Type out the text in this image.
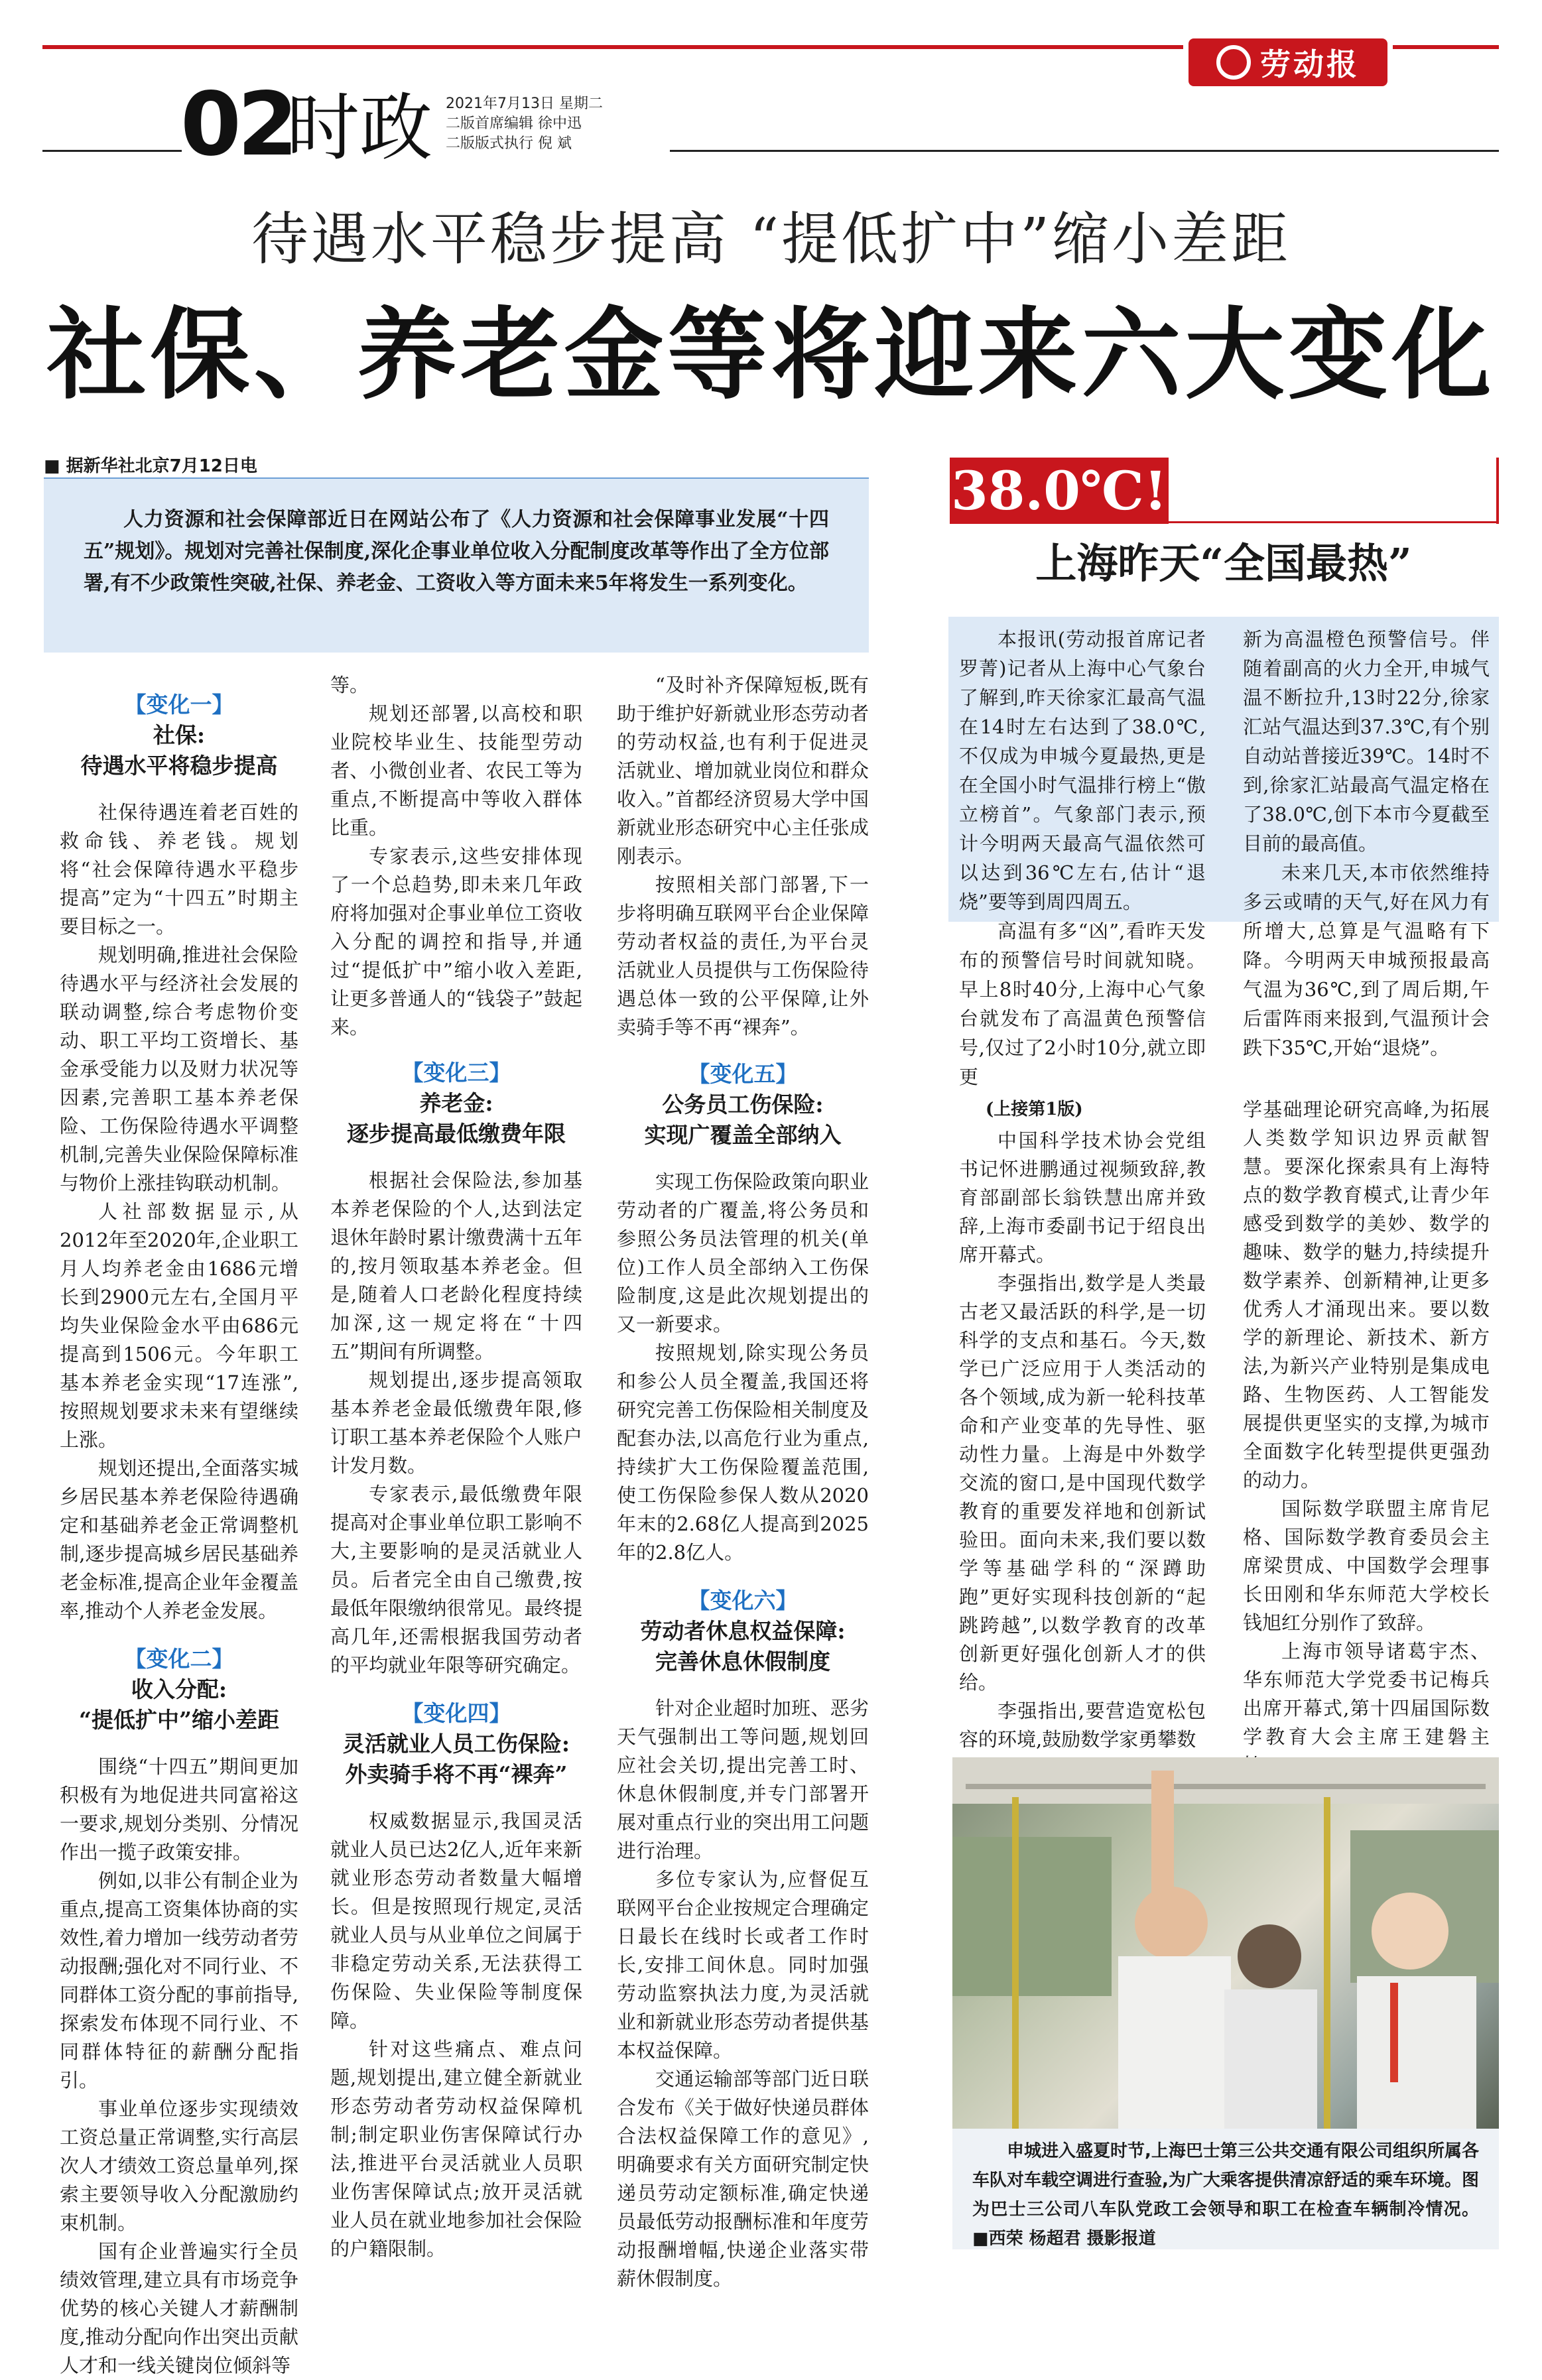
劳动报
02
时政 2021年7月13日 星期二
二版首席编辑 徐中迅
二版版式执行 倪 斌
待遇水平稳步提高 “提低扩中”缩小差距
社保、养老金等将迎来六大变化
■ 据新华社北京7月12日电
人力资源和社会保障部近日在网站公布了《人力资源和社会保障事业发展“十四五”规划》。规划对完善社保制度,深化企事业单位收入分配制度改革等作出了全方位部署,有不少政策性突破,社保、养老金、工资收入等方面未来5年将发生一系列变化。
【变化一】
社保:
待遇水平将稳步提高

社保待遇连着老百姓的救命钱、养老钱。规划将“社会保障待遇水平稳步提高”定为“十四五”时期主要目标之一。

规划明确,推进社会保险待遇水平与经济社会发展的联动调整,综合考虑物价变动、职工平均工资增长、基金承受能力以及财力状况等因素,完善职工基本养老保险、工伤保险待遇水平调整机制,完善失业保险保障标准与物价上涨挂钩联动机制。

人社部数据显示,从2012年至2020年,企业职工月人均养老金由1686元增长到2900元左右,全国月平均失业保险金水平由686元提高到1506元。今年职工基本养老金实现“17连涨”,按照规划要求未来有望继续上涨。

规划还提出,全面落实城乡居民基本养老保险待遇确定和基础养老金正常调整机制,逐步提高城乡居民基础养老金标准,提高企业年金覆盖率,推动个人养老金发展。

【变化二】
收入分配:
“提低扩中”缩小差距

围绕“十四五”期间更加积极有为地促进共同富裕这一要求,规划分类别、分情况作出一揽子政策安排。

例如,以非公有制企业为重点,提高工资集体协商的实效性,着力增加一线劳动者劳动报酬;强化对不同行业、不同群体工资分配的事前指导,探索发布体现不同行业、不同群体特征的薪酬分配指引。

事业单位逐步实现绩效工资总量正常调整,实行高层次人才绩效工资总量单列,探索主要领导收入分配激励约束机制。

国有企业普遍实行全员绩效管理,建立具有市场竞争优势的核心关键人才薪酬制度,推动分配向作出突出贡献人才和一线关键岗位倾斜等

等。

规划还部署,以高校和职业院校毕业生、技能型劳动者、小微创业者、农民工等为重点,不断提高中等收入群体比重。

专家表示,这些安排体现了一个总趋势,即未来几年政府将加强对企事业单位工资收入分配的调控和指导,并通过“提低扩中”缩小收入差距,让更多普通人的“钱袋子”鼓起来。

【变化三】
养老金:
逐步提高最低缴费年限

根据社会保险法,参加基本养老保险的个人,达到法定退休年龄时累计缴费满十五年的,按月领取基本养老金。但是,随着人口老龄化程度持续加深,这一规定将在“十四五”期间有所调整。

规划提出,逐步提高领取基本养老金最低缴费年限,修订职工基本养老保险个人账户计发月数。

专家表示,最低缴费年限提高对企事业单位职工影响不大,主要影响的是灵活就业人员。后者完全由自己缴费,按最低年限缴纳很常见。最终提高几年,还需根据我国劳动者的平均就业年限等研究确定。

【变化四】
灵活就业人员工伤保险:
外卖骑手将不再“裸奔”

权威数据显示,我国灵活就业人员已达2亿人,近年来新就业形态劳动者数量大幅增长。但是按照现行规定,灵活就业人员与从业单位之间属于非稳定劳动关系,无法获得工伤保险、失业保险等制度保障。

针对这些痛点、难点问题,规划提出,建立健全新就业形态劳动者劳动权益保障机制;制定职业伤害保障试行办法,推进平台灵活就业人员职业伤害保障试点;放开灵活就业人员在就业地参加社会保险的户籍限制。

“及时补齐保障短板,既有助于维护好新就业形态劳动者的劳动权益,也有利于促进灵活就业、增加就业岗位和群众收入。”首都经济贸易大学中国新就业形态研究中心主任张成刚表示。

按照相关部门部署,下一步将明确互联网平台企业保障劳动者权益的责任,为平台灵活就业人员提供与工伤保险待遇总体一致的公平保障,让外卖骑手等不再“裸奔”。

【变化五】
公务员工伤保险:
实现广覆盖全部纳入

实现工伤保险政策向职业劳动者的广覆盖,将公务员和参照公务员法管理的机关(单位)工作人员全部纳入工伤保险制度,这是此次规划提出的又一新要求。

按照规划,除实现公务员和参公人员全覆盖,我国还将研究完善工伤保险相关制度及配套办法,以高危行业为重点,持续扩大工伤保险覆盖范围,使工伤保险参保人数从2020年末的2.68亿人提高到2025年的2.8亿人。

【变化六】
劳动者休息权益保障:
完善休息休假制度

针对企业超时加班、恶劣天气强制出工等问题,规划回应社会关切,提出完善工时、休息休假制度,并专门部署开展对重点行业的突出用工问题进行治理。

多位专家认为,应督促互联网平台企业按规定合理确定日最长在线时长或者工作时长,安排工间休息。同时加强劳动监察执法力度,为灵活就业和新就业形态劳动者提供基本权益保障。

交通运输部等部门近日联合发布《关于做好快递员群体合法权益保障工作的意见》,明确要求有关方面研究制定快递员劳动定额标准,确定快递员最低劳动报酬标准和年度劳动报酬增幅,快递企业落实带薪休假制度。

38.0℃!
上海昨天“全国最热”

本报讯(劳动报首席记者 罗菁)记者从上海中心气象台了解到,昨天徐家汇最高气温在14时左右达到了38.0℃,不仅成为申城今夏最热,更是在全国小时气温排行榜上“傲立榜首”。气象部门表示,预计今明两天最高气温依然可以达到36℃左右,估计“退烧”要等到周四周五。

高温有多“凶”,看昨天发布的预警信号时间就知晓。早上8时40分,上海中心气象台就发布了高温黄色预警信号,仅过了2小时10分,就立即更

新为高温橙色预警信号。伴随着副高的火力全开,申城气温不断拉升,13时22分,徐家汇站气温达到37.3℃,有个别自动站普接近39℃。14时不到,徐家汇站最高气温定格在了38.0℃,创下本市今夏截至目前的最高值。

未来几天,本市依然维持多云或晴的天气,好在风力有所增大,总算是气温略有下降。今明两天申城预报最高气温为36℃,到了周后期,午后雷阵雨来报到,气温预计会跌下35℃,开始“退烧”。

(上接第1版)

中国科学技术协会党组书记怀进鹏通过视频致辞,教育部副部长翁铁慧出席并致辞,上海市委副书记于绍良出席开幕式。

李强指出,数学是人类最古老又最活跃的科学,是一切科学的支点和基石。今天,数学已广泛应用于人类活动的各个领域,成为新一轮科技革命和产业变革的先导性、驱动性力量。上海是中外数学交流的窗口,是中国现代数学教育的重要发祥地和创新试验田。面向未来,我们要以数学等基础学科的“深蹲助跑”更好实现科技创新的“起跳跨越”,以数学教育的改革创新更好强化创新人才的供给。

李强指出,要营造宽松包容的环境,鼓励数学家勇攀数

学基础理论研究高峰,为拓展人类数学知识边界贡献智慧。要深化探索具有上海特点的数学教育模式,让青少年感受到数学的美妙、数学的趣味、数学的魅力,持续提升数学素养、创新精神,让更多优秀人才涌现出来。要以数学的新理论、新技术、新方法,为新兴产业特别是集成电路、生物医药、人工智能发展提供更坚实的支撑,为城市全面数字化转型提供更强劲的动力。

国际数学联盟主席肯尼格、国际数学教育委员会主席梁贯成、中国数学会理事长田刚和华东师范大学校长钱旭红分别作了致辞。

上海市领导诸葛宇杰、华东师范大学党委书记梅兵出席开幕式,第十四届国际数学教育大会主席王建磐主

申城进入盛夏时节,上海巴士第三公共交通有限公司组织所属各车队对车载空调进行查验,为广大乘客提供清凉舒适的乘车环境。图为巴士三公司八车队党政工会领导和职工在检查车辆制冷情况。 ■西荣 杨超君 摄影报道
